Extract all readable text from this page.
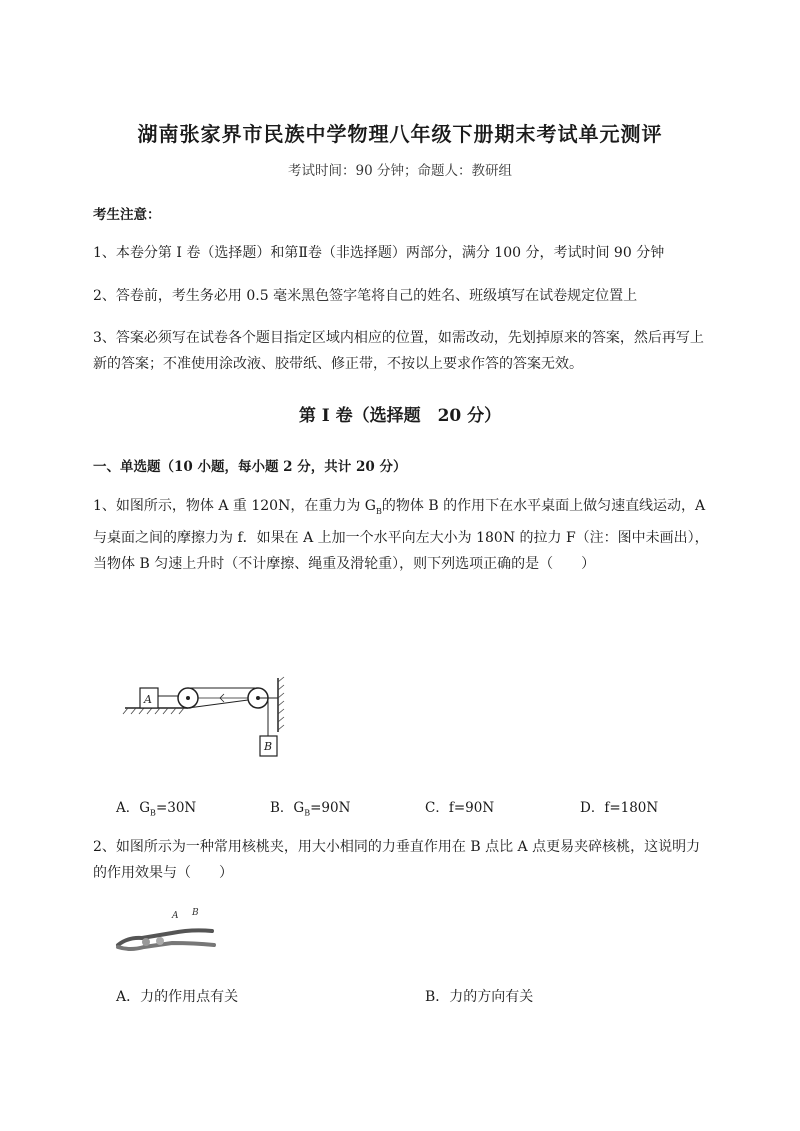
湖南张家界市民族中学物理八年级下册期末考试单元测评
考试时间：90 分钟；命题人：教研组
考生注意：
1、本卷分第 I 卷（选择题）和第Ⅱ卷（非选择题）两部分，满分 100 分，考试时间 90 分钟
2、答卷前，考生务必用 0.5 毫米黑色签字笔将自己的姓名、班级填写在试卷规定位置上
3、答案必须写在试卷各个题目指定区域内相应的位置，如需改动，先划掉原来的答案，然后再写上新的答案；不准使用涂改液、胶带纸、修正带，不按以上要求作答的答案无效。
第 I 卷（选择题　20 分）
一、单选题（10 小题，每小题 2 分，共计 20 分）
1、如图所示，物体 A 重 120N，在重力为 $G_B$的物体 B 的作用下在水平桌面上做匀速直线运动，A 与桌面之间的摩擦力为 f．如果在 A 上加一个水平向左大小为 180N 的拉力 F（注：图中未画出），当物体 B 匀速上升时（不计摩擦、绳重及滑轮重），则下列选项正确的是（　　）
A
B
A．$G_B=30N$	B．$G_B=90N$	C．f=90N	D．f=180N
2、如图所示为一种常用核桃夹，用大小相同的力垂直作用在 B 点比 A 点更易夹碎核桃，这说明力的作用效果与（　　）
A B
A．力的作用点有关	B．力的方向有关
